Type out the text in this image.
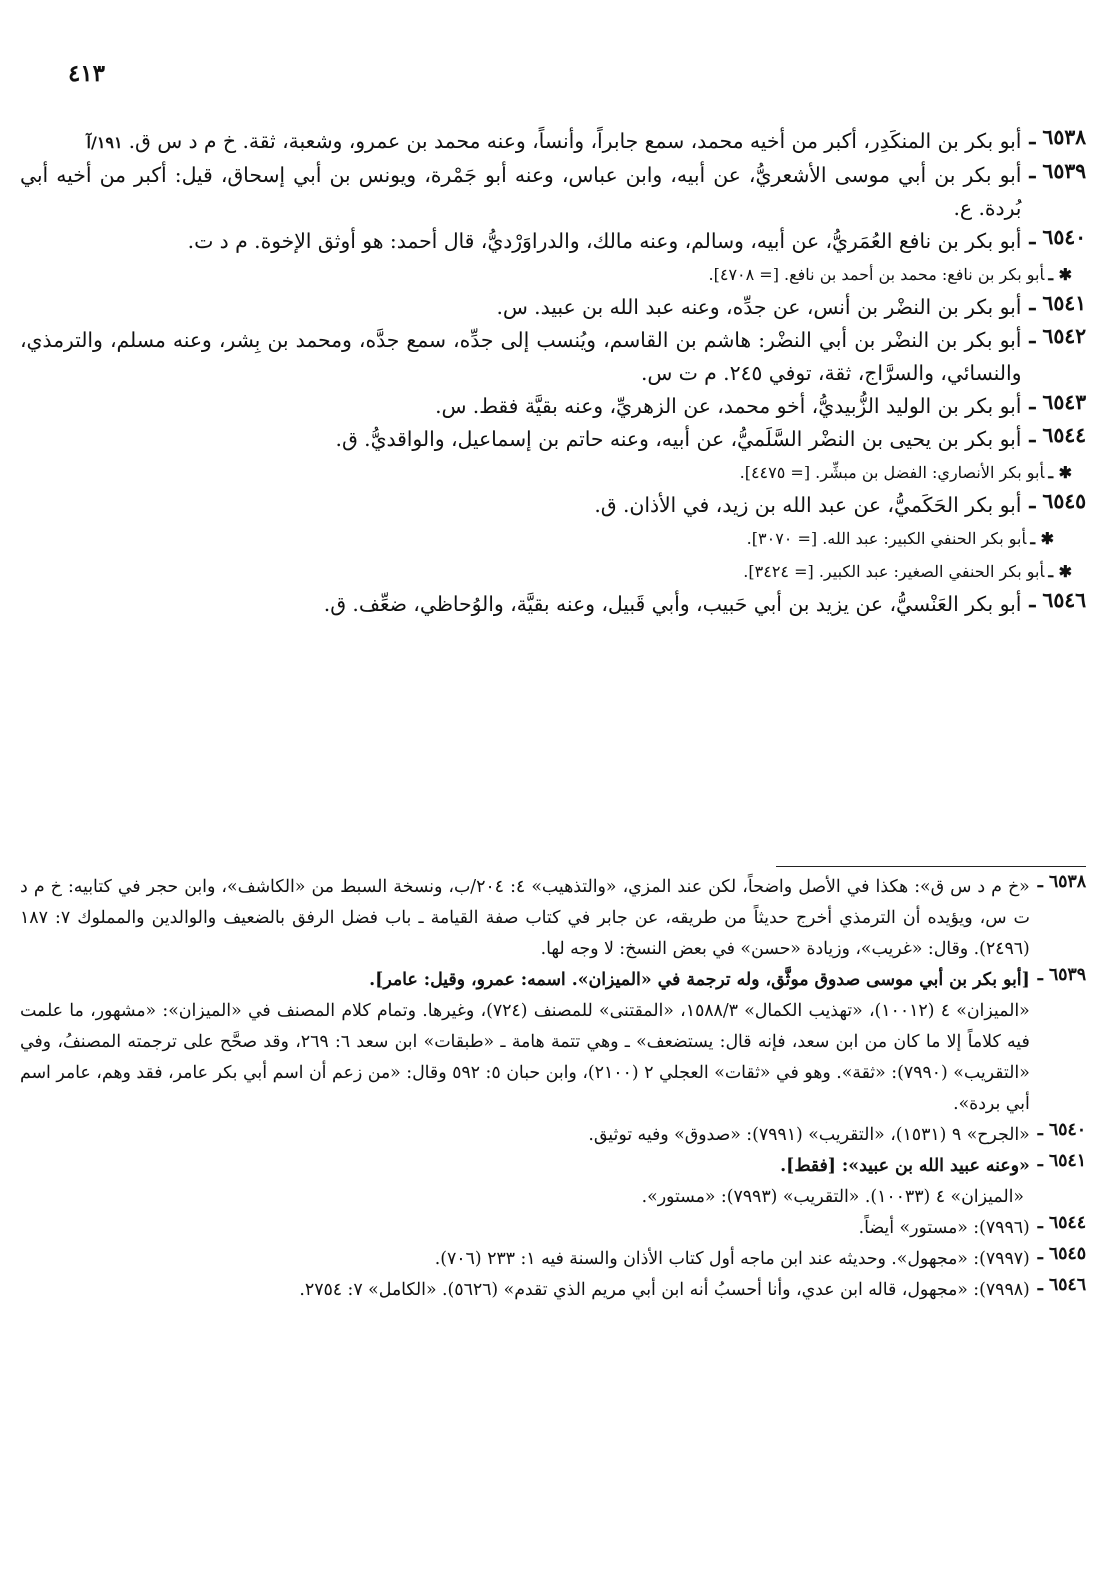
٤١٣
٦٥٣٨ ـ
أبو بكر بن المنكَدِر، أكبر من أخيه محمد، سمع جابراً، وأنساً، وعنه محمد بن عمرو، وشعبة، ثقة. خ م د س ق.١٩١/آ
٦٥٣٩ ـ
أبو بكر بن أبي موسى الأشعريُّ، عن أبيه، وابن عباس، وعنه أبو جَمْرة، ويونس بن أبي إسحاق، قيل: أكبر من أخيه أبي بُردة. ع.
٦٥٤٠ ـ
أبو بكر بن نافع العُمَريُّ، عن أبيه، وسالم، وعنه مالك، والدراوَرْديُّ، قال أحمد: هو أوثق الإخوة. م د ت.
✱ ـأبو بكر بن نافع: محمد بن أحمد بن نافع. [= ٤٧٠٨].
٦٥٤١ ـ
أبو بكر بن النضْر بن أنس، عن جدِّه، وعنه عبد الله بن عبيد. س.
٦٥٤٢ ـ
أبو بكر بن النضْر بن أبي النضْر: هاشم بن القاسم، ويُنسب إلى جدِّه، سمع جدَّه، ومحمد بن بِشر، وعنه مسلم، والترمذي، والنسائي، والسرَّاج، ثقة، توفي ٢٤٥. م ت س.
٦٥٤٣ ـ
أبو بكر بن الوليد الزُّبيديُّ، أخو محمد، عن الزهريِّ، وعنه بقيَّة فقط. س.
٦٥٤٤ ـ
أبو بكر بن يحيى بن النضْر السَّلَميُّ، عن أبيه، وعنه حاتم بن إسماعيل، والواقديُّ. ق.
✱ ـأبو بكر الأنصاري: الفضل بن مبشِّر. [= ٤٤٧٥].
٦٥٤٥ ـ
أبو بكر الحَكَميُّ، عن عبد الله بن زيد، في الأذان. ق.
✱ ـأبو بكر الحنفي الكبير: عبد الله. [= ٣٠٧٠].
✱ ـأبو بكر الحنفي الصغير: عبد الكبير. [= ٣٤٢٤].
٦٥٤٦ ـ
أبو بكر العَنْسيُّ، عن يزيد بن أبي حَبيب، وأبي قَبيل، وعنه بقيَّة، والوُحاظي، ضعِّف. ق.
٦٥٣٨ ـ
«خ م د س ق»: هكذا في الأصل واضحاً، لكن عند المزي، «والتذهيب» ٤: ٢٠٤/ب، ونسخة السبط من «الكاشف»، وابن حجر في كتابيه: خ م د ت س، ويؤيده أن الترمذي أخرج حديثاً من طريقه، عن جابر في كتاب صفة القيامة ـ باب فضل الرفق بالضعيف والوالدين والمملوك ٧: ١٨٧ (٢٤٩٦). وقال: «غريب»، وزيادة «حسن» في بعض النسخ: لا وجه لها.
٦٥٣٩ ـ
[أبو بكر بن أبي موسى صدوق موثَّق، وله ترجمة في «الميزان». اسمه: عمرو، وقيل: عامر].
«الميزان» ٤ (١٠٠١٢)، «تهذيب الكمال» ١٥٨٨/٣، «المقتنى» للمصنف (٧٢٤)، وغيرها. وتمام كلام المصنف في «الميزان»: «مشهور، ما علمت فيه كلاماً إلا ما كان من ابن سعد، فإنه قال: يستضعف» ـ وهي تتمة هامة ـ «طبقات» ابن سعد ٦: ٢٦٩، وقد صحَّح على ترجمته المصنفُ، وفي «التقريب» (٧٩٩٠): «ثقة». وهو في «ثقات» العجلي ٢ (٢١٠٠)، وابن حبان ٥: ٥٩٢ وقال: «من زعم أن اسم أبي بكر عامر، فقد وهم، عامر اسم أبي بردة».
٦٥٤٠ ـ
«الجرح» ٩ (١٥٣١)، «التقريب» (٧٩٩١): «صدوق» وفيه توثيق.
٦٥٤١ ـ
«وعنه عبيد الله بن عبيد»: [فقط].
«الميزان» ٤ (١٠٠٣٣). «التقريب» (٧٩٩٣): «مستور».
٦٥٤٤ ـ
(٧٩٩٦): «مستور» أيضاً.
٦٥٤٥ ـ
(٧٩٩٧): «مجهول». وحديثه عند ابن ماجه أول كتاب الأذان والسنة فيه ١: ٢٣٣ (٧٠٦).
٦٥٤٦ ـ
(٧٩٩٨): «مجهول، قاله ابن عدي، وأنا أحسبُ أنه ابن أبي مريم الذي تقدم» (٥٦٢٦). «الكامل» ٧: ٢٧٥٤.
